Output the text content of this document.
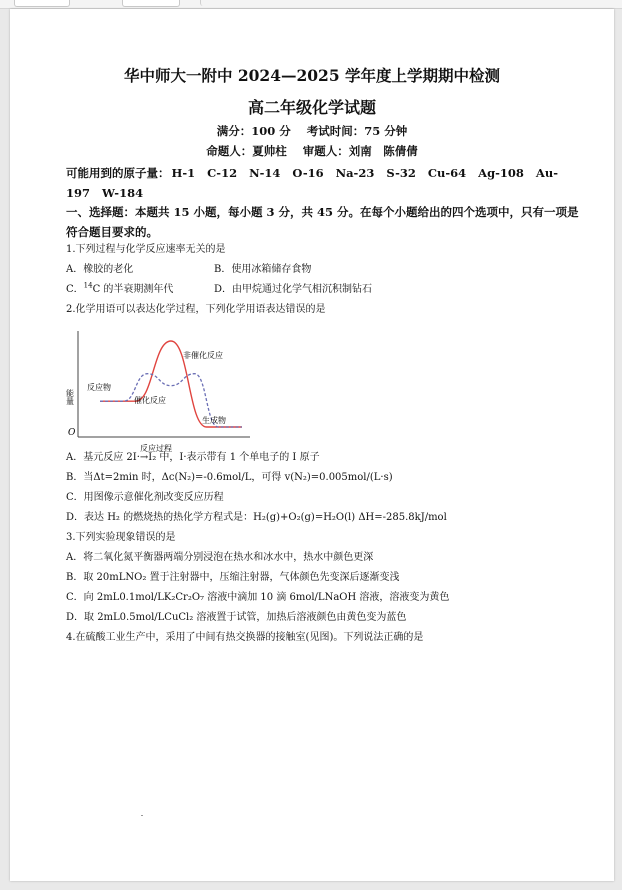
华中师大一附中 2024—2025 学年度上学期期中检测
高二年级化学试题
满分：100 分 考试时间：75 分钟
命题人：夏帅柱 审题人：刘南　陈倩倩
可能用到的原子量： H-1 C-12 N-14 O-16 Na-23 S-32 Cu-64 Ag-108 Au-197 W-184
一、选择题：本题共 15 小题，每小题 3 分，共 45 分。在每个小题给出的四个选项中，只有一项是符合题目要求的。
1.下列过程与化学反应速率无关的是
A．橡胶的老化	B．使用冰箱储存食物
C．$^{14}$C 的半衰期测年代	D．由甲烷通过化学气相沉积制钻石
2.化学用语可以表达化学过程，下列化学用语表达错误的是
O
能量
反应过程
反应物
非催化反应
催化反应
生成物
A．基元反应 2I·→I₂ 中，I·表示带有 1 个单电子的 I 原子
B．当Δt=2min 时，Δc(N₂)=-0.6mol/L，可得 v(N₂)=0.005mol/(L·s)
C．用图像示意催化剂改变反应历程
D．表达 H₂ 的燃烧热的热化学方程式是：H₂(g)+O₂(g)=H₂O(l) ΔH=-285.8kJ/mol
3.下列实验现象错误的是
A．将二氧化氮平衡器两端分别浸泡在热水和冰水中，热水中颜色更深
B．取 20mLNO₂ 置于注射器中，压缩注射器，气体颜色先变深后逐渐变浅
C．向 2mL0.1mol/LK₂Cr₂O₇ 溶液中滴加 10 滴 6mol/LNaOH 溶液，溶液变为黄色
D．取 2mL0.5mol/LCuCl₂ 溶液置于试管，加热后溶液颜色由黄色变为蓝色
4.在硫酸工业生产中，采用了中间有热交换器的接触室(见图)。下列说法正确的是
